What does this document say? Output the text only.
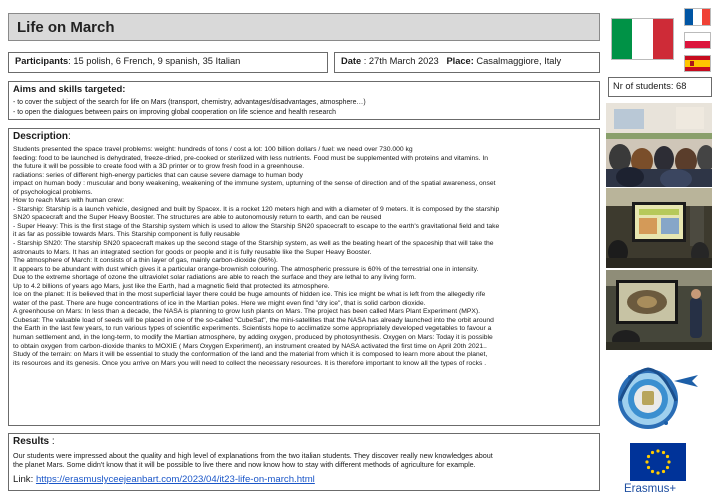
Life on March
Participants: 15 polish, 6 French, 9 spanish, 35 Italian	Date : 27th March 2023   Place: Casalmaggiore, Italy
Aims and skills targeted:
- to cover the subject of the search for life on Mars (transport, chemistry, advantages/disadvantages, atmosphere…)
- to open the dialogues between pairs on improving global cooperation on life science and health research
Description:
Students presented the space travel problems: weight: hundreds of tons / cost a lot: 100 billion dollars / fuel: we need over 730.000 kg
feeding: food to be launched is dehydrated, freeze-dried, pre-cooked or sterilized with less nutrients. Food must be supplemented with proteins and vitamins. In
the future it will be possible to create food with a 3D printer or to grow fresh food in a greenhouse.
radiations: series of different high-energy particles that can cause severe damage to human body
impact on human body : muscular and bony weakening, weakening of the immune system, upturning of the sense of direction and of the spatial awareness, onset
of psychological problems.
How to reach Mars with human crew:
- Starship: Starship is a launch vehicle, designed and built by Spacex. It is a rocket 120 meters high and with a diameter of 9 meters. It is composed by the starship
SN20 spacecraft and the Super Heavy Booster. The structures are able to autonomously return to earth, and can be reused
- Super Heavy: This is the first stage of the Starship system which is used to allow the Starship SN20 spacecraft to escape to the earth's gravitational field and take
it as far as possible towards Mars. This Starship component is fully reusable
- Starship SN20: The starship SN20 spacecraft makes up the second stage of the Starship system, as well as the beating heart of the spaceship that will take the
astronauts to Mars. It has an integrated section for goods or people and it is fully reusable like the Super Heavy Booster.
The atmosphere of March: It consists of a thin layer of gas, mainly carbon-dioxide (96%).
It appears to be abundant with dust which gives it a particular orange-brownish colouring. The atmospheric pressure is 60% of the terrestrial one in intensity.
Due to the extreme shortage of ozone the ultraviolet solar radiations are able to reach the surface and they are lethal to any living form.
Up to 4.2 billions of years ago Mars, just like the Earth, had a magnetic field that protected its atmosphere.
Ice on the planet: It is believed that in the most superficial layer there could be huge amounts of hidden ice. This ice might be what is left from the allegedly rife
water of the past. There are huge concentrations of ice in the Martian poles. Here we might even find "dry ice", that is solid carbon dioxide.
A greenhouse on Mars: In less than a decade, the NASA is planning to grow lush plants on Mars. The project has been called Mars Plant Experiment (MPX).
Cubesat: The valuable load of seeds will be placed in one of the so-called "CubeSat", the mini-satellites that the NASA has already launched into the orbit around
the Earth in the last few years, to run various types of scientific experiments. Scientists hope to acclimatize some appropriately developed vegetables to favour a
human settlement and, in the long-term, to modify the Martian atmosphere, by adding oxygen, produced by photosynthesis. Oxygen on Mars: Today it is possible
to obtain oxygen from carbon-dioxide thanks to MOXIE ( Mars Oxygen Experiment), an instrument created by NASA activated the first time on April 20th 2021..
Study of the terrain: on Mars it will be essential to study the conformation of the land and the material from which it is composed to learn more about the planet,
its resources and its genesis. Once you arrive on Mars you will need to collect the necessary resources. It is therefore important to know all the types of rocks .
Results :
Our students were impressed about the quality and high level of explanations from the two italian students. They discover really new knowledges about
the planet Mars. Some didn't know that it will be possible to live there and now know how to stay with different methods of agriculture for example.
Link: https://erasmuslyceejeanbart.com/2023/04/it23-life-on-march.html
Nr of students: 68
Erasmus+
